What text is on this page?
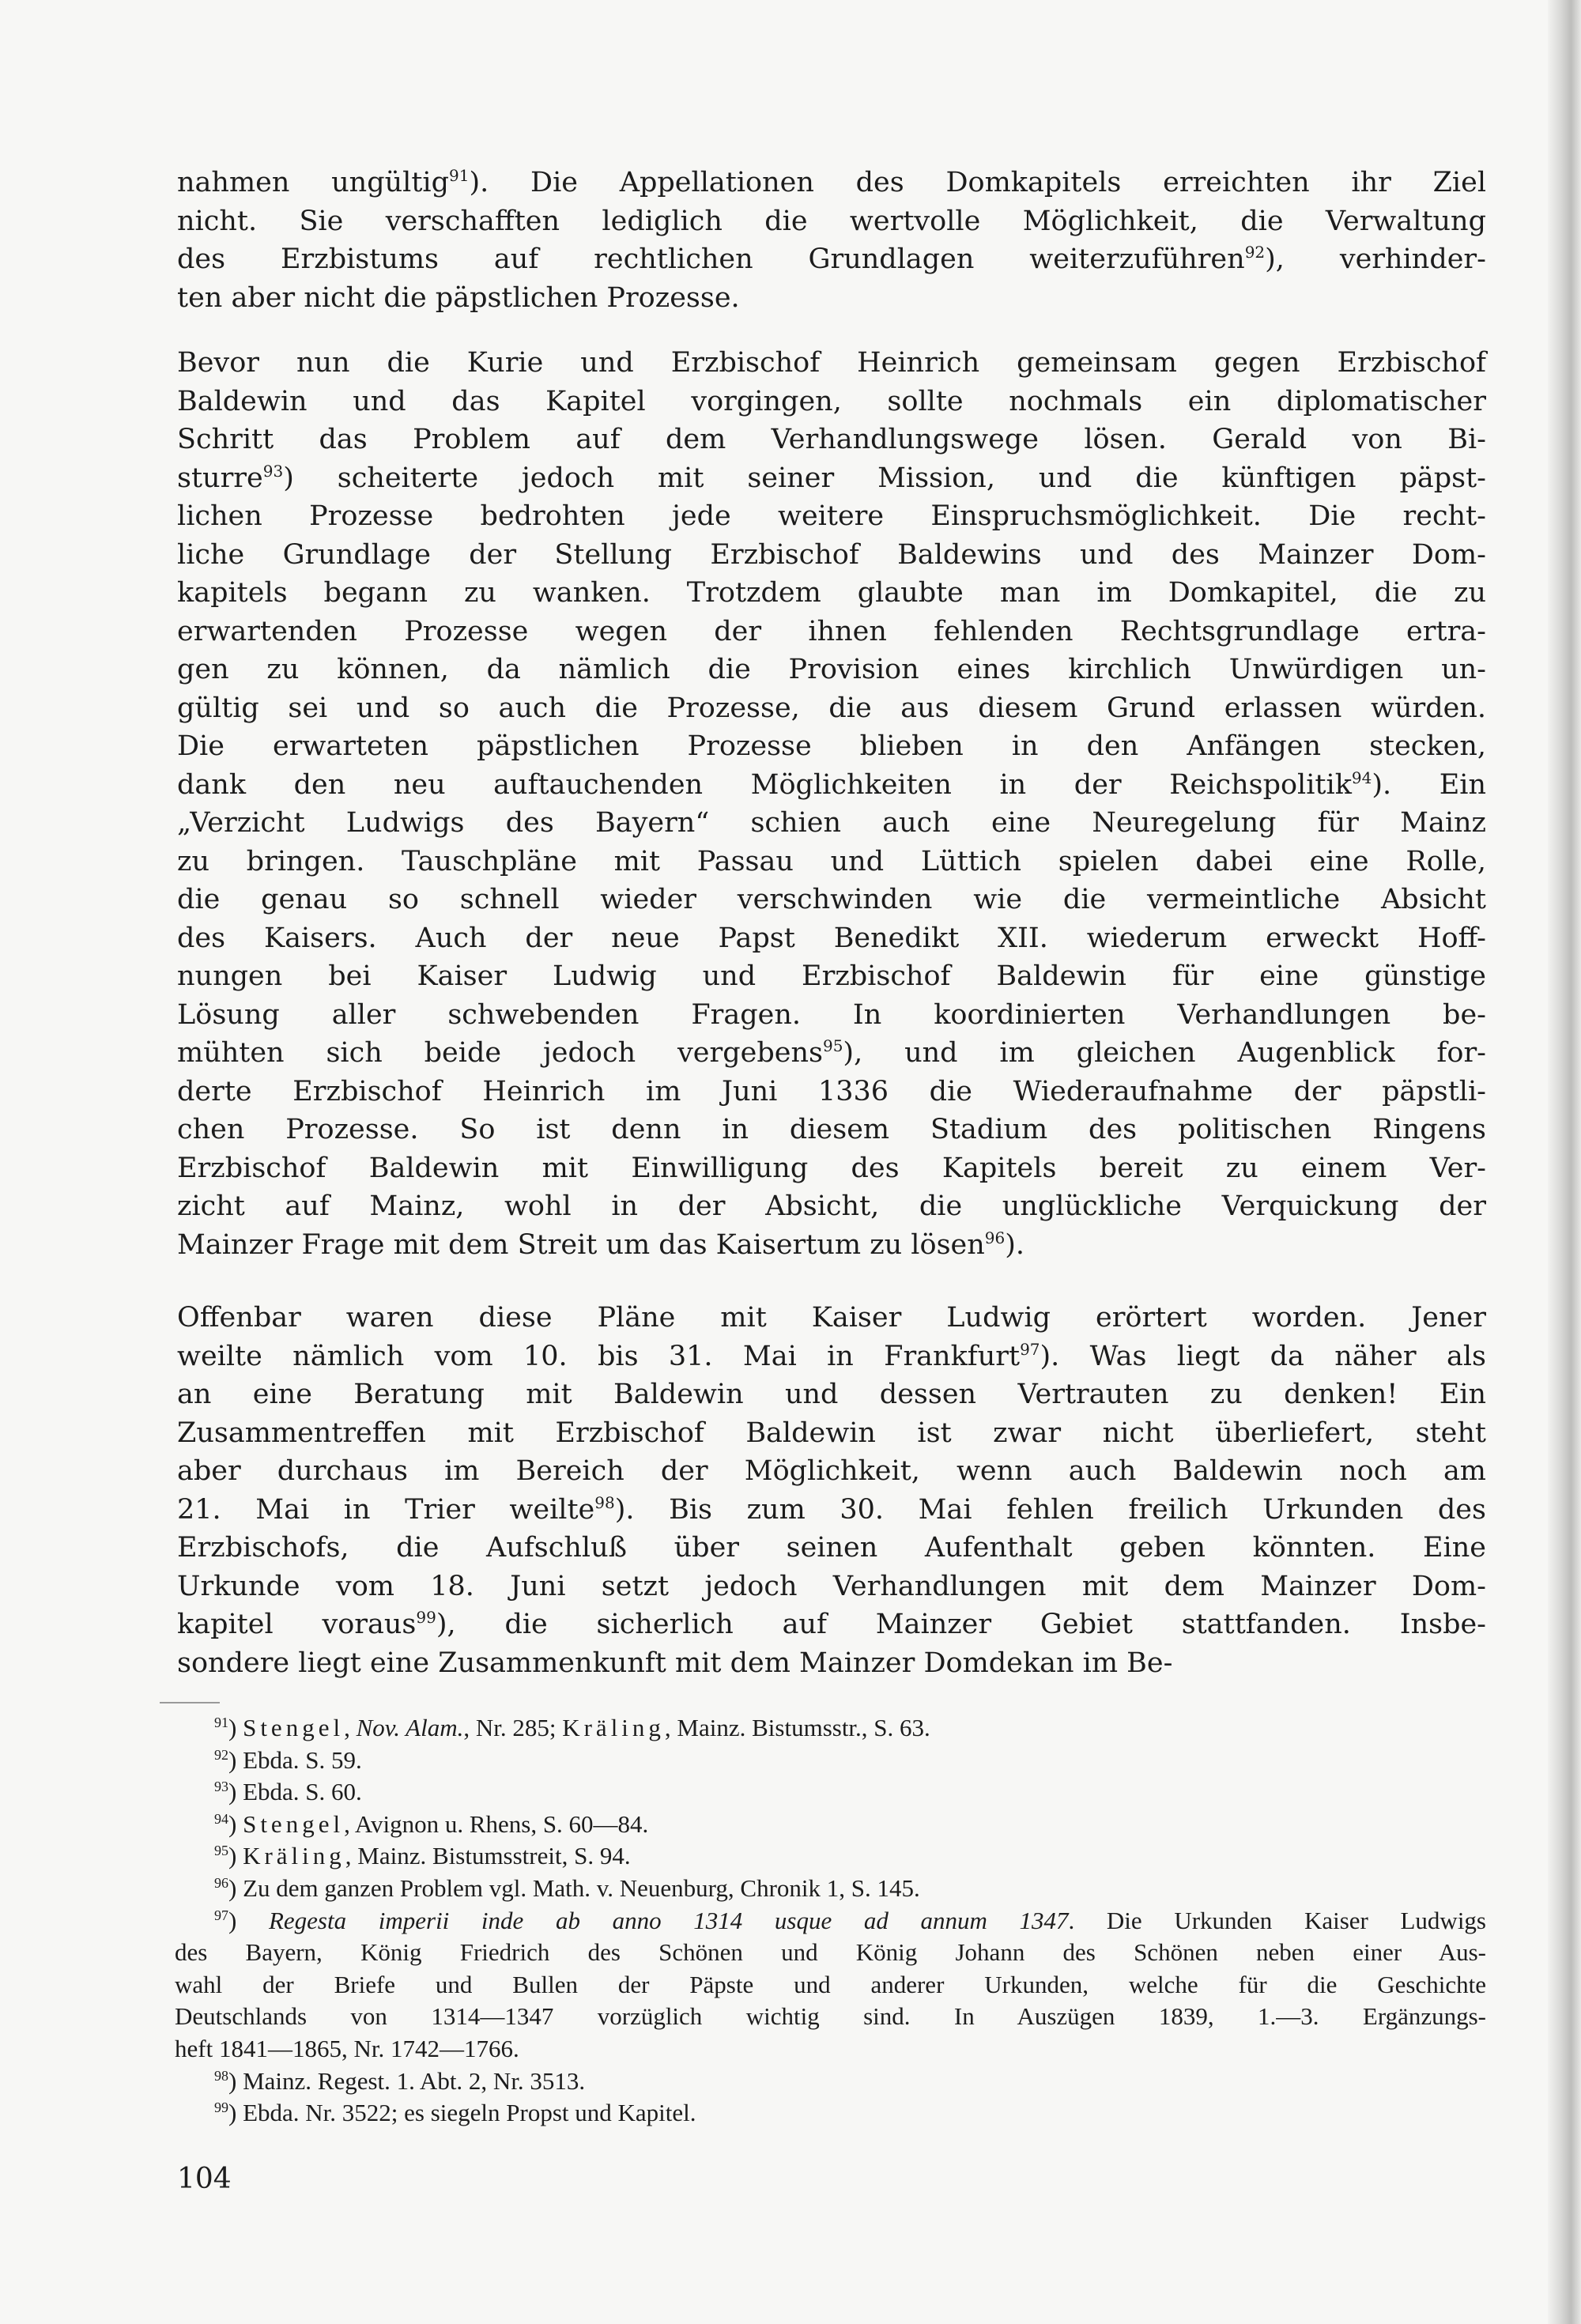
nahmen ungültig$^{91}$). Die Appellationen des Domkapitels erreichten ihr Ziel
nicht. Sie verschafften lediglich die wertvolle Möglichkeit, die Verwaltung
des Erzbistums auf rechtlichen Grundlagen weiterzuführen$^{92}$), verhinder-
ten aber nicht die päpstlichen Prozesse.
Bevor nun die Kurie und Erzbischof Heinrich gemeinsam gegen Erzbischof
Baldewin und das Kapitel vorgingen, sollte nochmals ein diplomatischer
Schritt das Problem auf dem Verhandlungswege lösen. Gerald von Bi-
sturre$^{93}$) scheiterte jedoch mit seiner Mission, und die künftigen päpst-
lichen Prozesse bedrohten jede weitere Einspruchsmöglichkeit. Die recht-
liche Grundlage der Stellung Erzbischof Baldewins und des Mainzer Dom-
kapitels begann zu wanken. Trotzdem glaubte man im Domkapitel, die zu
erwartenden Prozesse wegen der ihnen fehlenden Rechtsgrundlage ertra-
gen zu können, da nämlich die Provision eines kirchlich Unwürdigen un-
gültig sei und so auch die Prozesse, die aus diesem Grund erlassen würden.
Die erwarteten päpstlichen Prozesse blieben in den Anfängen stecken,
dank den neu auftauchenden Möglichkeiten in der Reichspolitik$^{94}$). Ein
„Verzicht Ludwigs des Bayern“ schien auch eine Neuregelung für Mainz
zu bringen. Tauschpläne mit Passau und Lüttich spielen dabei eine Rolle,
die genau so schnell wieder verschwinden wie die vermeintliche Absicht
des Kaisers. Auch der neue Papst Benedikt XII. wiederum erweckt Hoff-
nungen bei Kaiser Ludwig und Erzbischof Baldewin für eine günstige
Lösung aller schwebenden Fragen. In koordinierten Verhandlungen be-
mühten sich beide jedoch vergebens$^{95}$), und im gleichen Augenblick for-
derte Erzbischof Heinrich im Juni 1336 die Wiederaufnahme der päpstli-
chen Prozesse. So ist denn in diesem Stadium des politischen Ringens
Erzbischof Baldewin mit Einwilligung des Kapitels bereit zu einem Ver-
zicht auf Mainz, wohl in der Absicht, die unglückliche Verquickung der
Mainzer Frage mit dem Streit um das Kaisertum zu lösen$^{96}$).
Offenbar waren diese Pläne mit Kaiser Ludwig erörtert worden. Jener
weilte nämlich vom 10. bis 31. Mai in Frankfurt$^{97}$). Was liegt da näher als
an eine Beratung mit Baldewin und dessen Vertrauten zu denken! Ein
Zusammentreffen mit Erzbischof Baldewin ist zwar nicht überliefert, steht
aber durchaus im Bereich der Möglichkeit, wenn auch Baldewin noch am
21. Mai in Trier weilte$^{98}$). Bis zum 30. Mai fehlen freilich Urkunden des
Erzbischofs, die Aufschluß über seinen Aufenthalt geben könnten. Eine
Urkunde vom 18. Juni setzt jedoch Verhandlungen mit dem Mainzer Dom-
kapitel voraus$^{99}$), die sicherlich auf Mainzer Gebiet stattfanden. Insbe-
sondere liegt eine Zusammenkunft mit dem Mainzer Domdekan im Be-
$^{91}$) Stengel, Nov. Alam., Nr. 285; Kräling, Mainz. Bistumsstr., S. 63.
$^{92}$) Ebda. S. 59.
$^{93}$) Ebda. S. 60.
$^{94}$) Stengel, Avignon u. Rhens, S. 60—84.
$^{95}$) Kräling, Mainz. Bistumsstreit, S. 94.
$^{96}$) Zu dem ganzen Problem vgl. Math. v. Neuenburg, Chronik 1, S. 145.
$^{97}$) Regesta imperii inde ab anno 1314 usque ad annum 1347. Die Urkunden Kaiser Ludwigs
des Bayern, König Friedrich des Schönen und König Johann des Schönen neben einer Aus-
wahl der Briefe und Bullen der Päpste und anderer Urkunden, welche für die Geschichte
Deutschlands von 1314—1347 vorzüglich wichtig sind. In Auszügen 1839, 1.—3. Ergänzungs-
heft 1841—1865, Nr. 1742—1766.
$^{98}$) Mainz. Regest. 1. Abt. 2, Nr. 3513.
$^{99}$) Ebda. Nr. 3522; es siegeln Propst und Kapitel.
104
